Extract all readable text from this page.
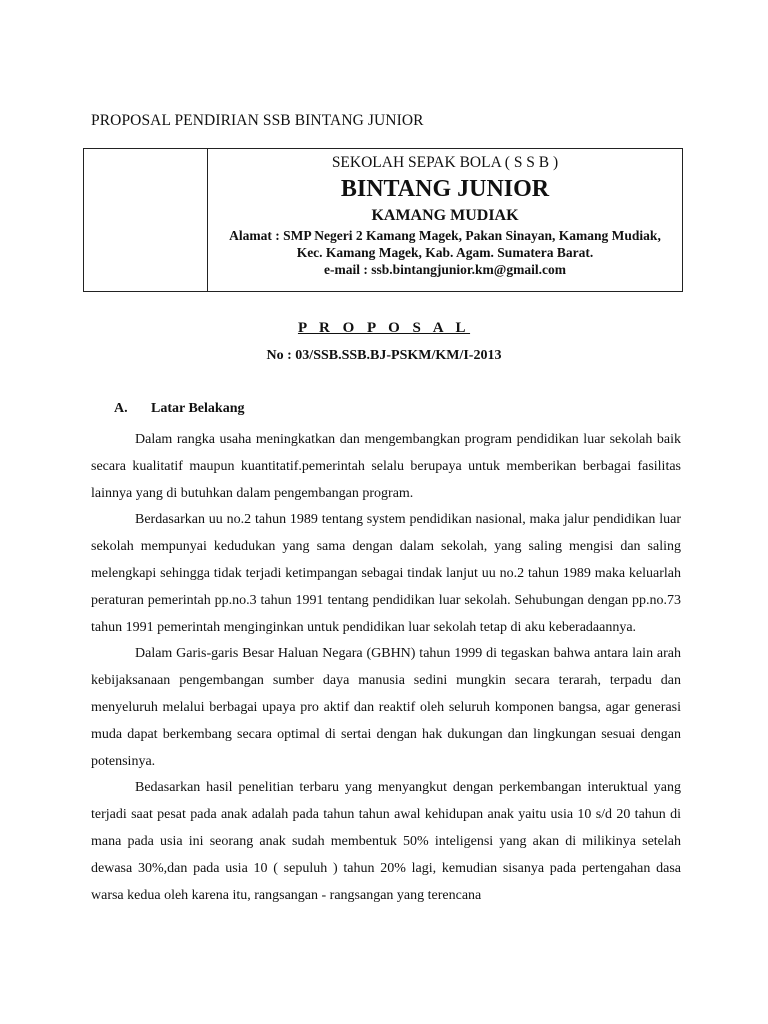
PROPOSAL PENDIRIAN SSB BINTANG JUNIOR
SEKOLAH SEPAK BOLA ( S S B )
BINTANG JUNIOR
KAMANG MUDIAK
Alamat : SMP Negeri 2 Kamang Magek, Pakan Sinayan, Kamang Mudiak,
Kec. Kamang Magek, Kab. Agam. Sumatera Barat.
e-mail : ssb.bintangjunior.km@gmail.com
P R O P O S A L
No : 03/SSB.SSB.BJ-PSKM/KM/I-2013
A. Latar Belakang

Dalam rangka usaha meningkatkan dan mengembangkan program pendidikan luar sekolah baik secara kualitatif maupun kuantitatif.pemerintah selalu berupaya untuk memberikan berbagai fasilitas lainnya yang di butuhkan dalam pengembangan program.

Berdasarkan uu no.2 tahun 1989 tentang system pendidikan nasional, maka jalur pendidikan luar sekolah mempunyai kedudukan yang sama dengan dalam sekolah, yang saling mengisi dan saling melengkapi sehingga tidak terjadi ketimpangan sebagai tindak lanjut uu no.2 tahun 1989 maka keluarlah peraturan pemerintah pp.no.3 tahun 1991 tentang pendidikan luar sekolah. Sehubungan dengan pp.no.73 tahun 1991 pemerintah menginginkan untuk pendidikan luar sekolah tetap di aku keberadaannya.

Dalam Garis-garis Besar Haluan Negara (GBHN) tahun 1999 di tegaskan bahwa antara lain arah kebijaksanaan pengembangan sumber daya manusia sedini mungkin secara terarah, terpadu dan menyeluruh melalui berbagai upaya pro aktif dan reaktif oleh seluruh komponen bangsa, agar generasi muda dapat berkembang secara optimal di sertai dengan hak dukungan dan lingkungan sesuai dengan potensinya.

Bedasarkan hasil penelitian terbaru yang menyangkut dengan perkembangan interuktual yang terjadi saat pesat pada anak adalah pada tahun tahun awal kehidupan anak yaitu usia 10 s/d 20 tahun di mana pada usia ini seorang anak sudah membentuk 50% inteligensi yang akan di milikinya setelah dewasa 30%,dan pada usia 10 ( sepuluh ) tahun 20% lagi, kemudian sisanya pada pertengahan dasa warsa kedua oleh karena itu, rangsangan - rangsangan yang terencana
